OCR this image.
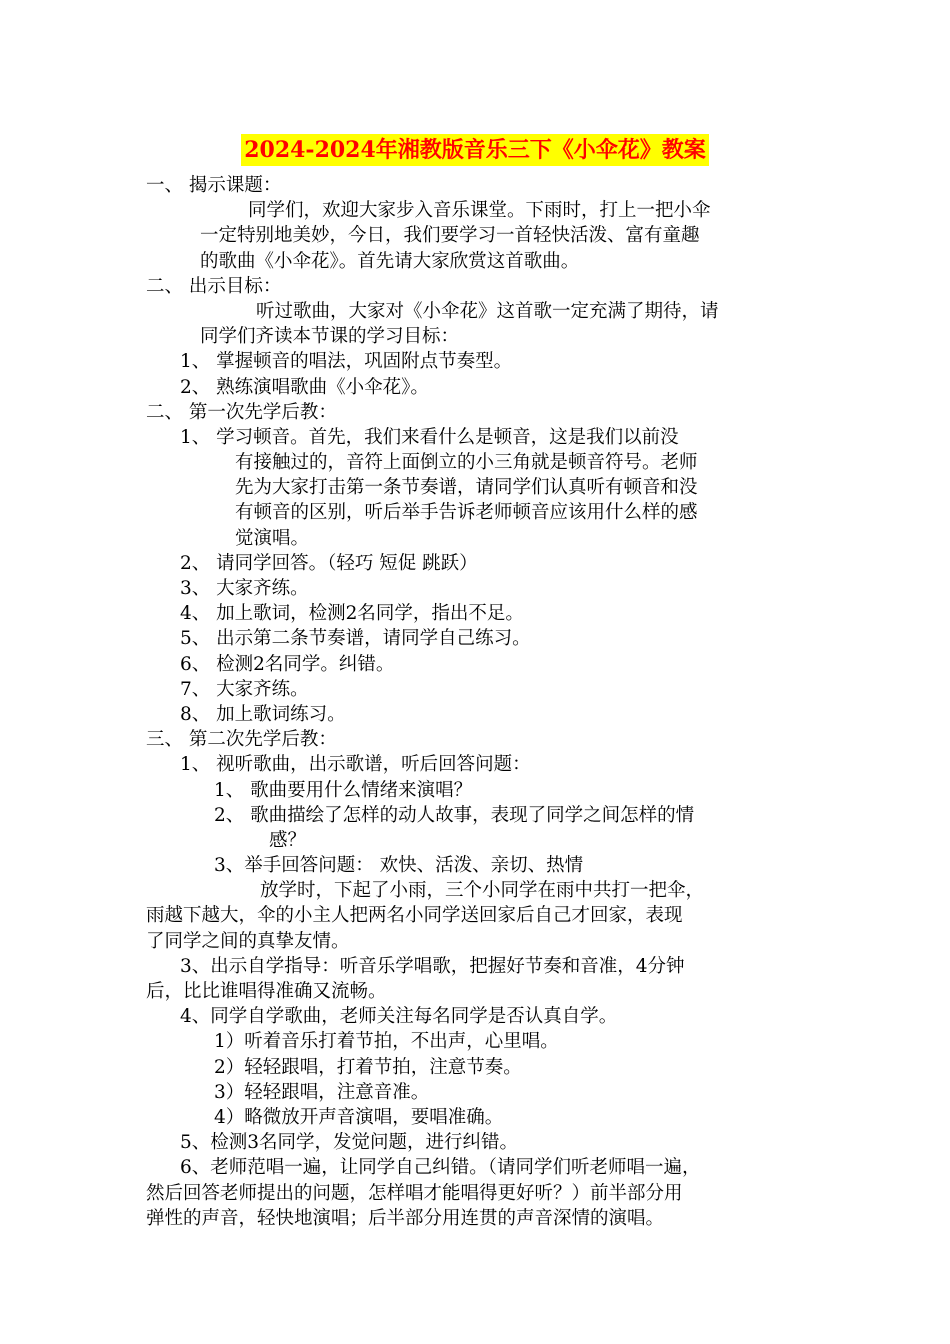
2024-2024年湘教版音乐三下《小伞花》教案
一、 揭示课题：
同学们，欢迎大家步入音乐课堂。下雨时，打上一把小伞
一定特别地美妙，今日，我们要学习一首轻快活泼、富有童趣
的歌曲《小伞花》。首先请大家欣赏这首歌曲。
二、 出示目标：
听过歌曲，大家对《小伞花》这首歌一定充满了期待，请
同学们齐读本节课的学习目标：
1、 掌握顿音的唱法，巩固附点节奏型。
2、 熟练演唱歌曲《小伞花》。
二、 第一次先学后教：
1、 学习顿音。首先，我们来看什么是顿音，这是我们以前没
有接触过的，音符上面倒立的小三角就是顿音符号。老师
先为大家打击第一条节奏谱，请同学们认真听有顿音和没
有顿音的区别，听后举手告诉老师顿音应该用什么样的感
觉演唱。
2、 请同学回答。（轻巧 短促 跳跃）
3、 大家齐练。
4、 加上歌词，检测2名同学，指出不足。
5、 出示第二条节奏谱，请同学自己练习。
6、 检测2名同学。纠错。
7、 大家齐练。
8、 加上歌词练习。
三、 第二次先学后教：
1、 视听歌曲，出示歌谱，听后回答问题：
1、 歌曲要用什么情绪来演唱？
2、 歌曲描绘了怎样的动人故事，表现了同学之间怎样的情
感？
3、举手回答问题： 欢快、活泼、亲切、热情
放学时，下起了小雨，三个小同学在雨中共打一把伞，
雨越下越大，伞的小主人把两名小同学送回家后自己才回家，表现
了同学之间的真挚友情。
3、出示自学指导：听音乐学唱歌，把握好节奏和音准，4分钟
后，比比谁唱得准确又流畅。
4、同学自学歌曲，老师关注每名同学是否认真自学。
1）听着音乐打着节拍，不出声，心里唱。
2）轻轻跟唱，打着节拍，注意节奏。
3）轻轻跟唱，注意音准。
4）略微放开声音演唱，要唱准确。
5、检测3名同学，发觉问题，进行纠错。
6、老师范唱一遍，让同学自己纠错。（请同学们听老师唱一遍，
然后回答老师提出的问题，怎样唱才能唱得更好听？）前半部分用
弹性的声音，轻快地演唱；后半部分用连贯的声音深情的演唱。
